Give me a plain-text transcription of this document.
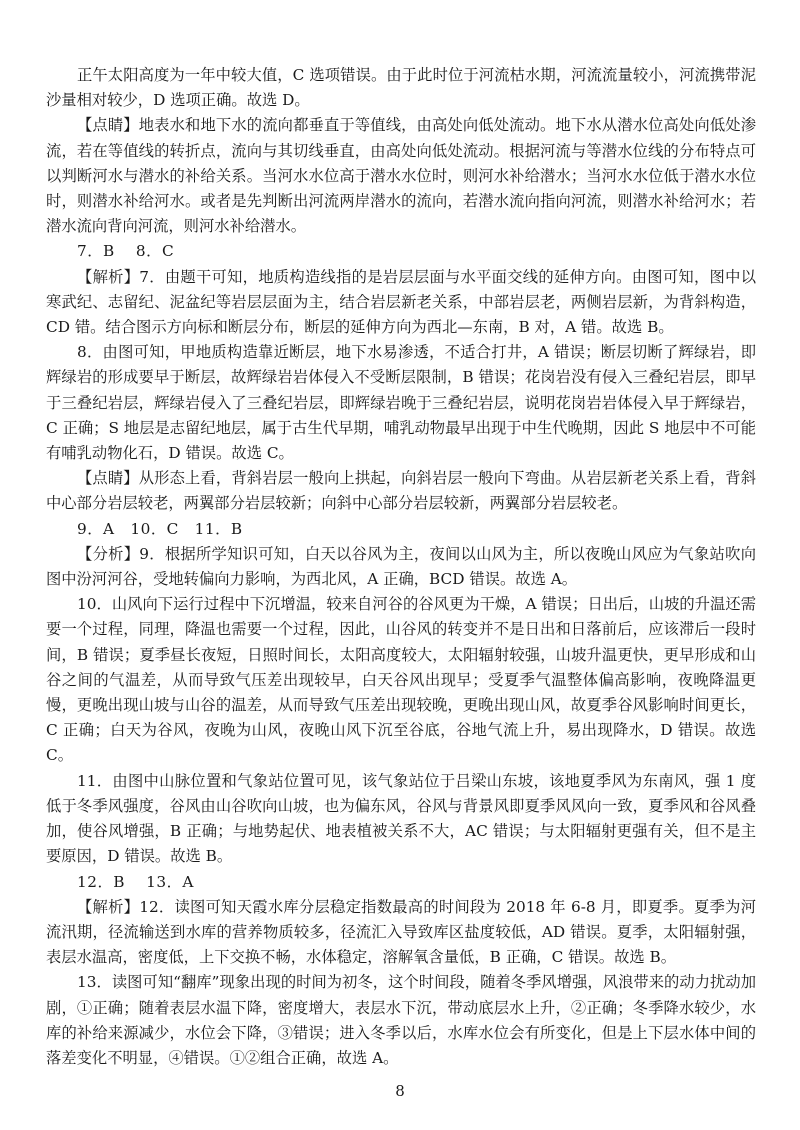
正午太阳高度为一年中较大值，C 选项错误。由于此时位于河流枯水期，河流流量较小，河流携带泥沙量相对较少，D 选项正确。故选 D。

【点睛】地表水和地下水的流向都垂直于等值线，由高处向低处流动。地下水从潜水位高处向低处渗流，若在等值线的转折点，流向与其切线垂直，由高处向低处流动。根据河流与等潜水位线的分布特点可以判断河水与潜水的补给关系。当河水水位高于潜水水位时，则河水补给潜水；当河水水位低于潜水水位时，则潜水补给河水。或者是先判断出河流两岸潜水的流向，若潜水流向指向河流，则潜水补给河水；若潜水流向背向河流，则河水补给潜水。

7．B　 8．C

【解析】7．由题干可知，地质构造线指的是岩层层面与水平面交线的延伸方向。由图可知，图中以寒武纪、志留纪、泥盆纪等岩层层面为主，结合岩层新老关系，中部岩层老，两侧岩层新，为背斜构造，CD 错。结合图示方向标和断层分布，断层的延伸方向为西北—东南，B 对，A 错。故选 B。

8．由图可知，甲地质构造靠近断层，地下水易渗透，不适合打井，A 错误；断层切断了辉绿岩，即辉绿岩的形成要早于断层，故辉绿岩岩体侵入不受断层限制，B 错误；花岗岩没有侵入三叠纪岩层，即早于三叠纪岩层，辉绿岩侵入了三叠纪岩层，即辉绿岩晚于三叠纪岩层，说明花岗岩岩体侵入早于辉绿岩，C 正确；S 地层是志留纪地层，属于古生代早期，哺乳动物最早出现于中生代晚期，因此 S 地层中不可能有哺乳动物化石，D 错误。故选 C。

【点睛】从形态上看，背斜岩层一般向上拱起，向斜岩层一般向下弯曲。从岩层新老关系上看，背斜中心部分岩层较老，两翼部分岩层较新；向斜中心部分岩层较新，两翼部分岩层较老。

9．A　10．C　11．B

【分析】9．根据所学知识可知，白天以谷风为主，夜间以山风为主，所以夜晚山风应为气象站吹向图中汾河河谷，受地转偏向力影响，为西北风，A 正确，BCD 错误。故选 A。

10．山风向下运行过程中下沉增温，较来自河谷的谷风更为干燥，A 错误；日出后，山坡的升温还需要一个过程，同理，降温也需要一个过程，因此，山谷风的转变并不是日出和日落前后，应该滞后一段时间，B 错误；夏季昼长夜短，日照时间长，太阳高度较大，太阳辐射较强，山坡升温更快，更早形成和山谷之间的气温差，从而导致气压差出现较早，白天谷风出现早；受夏季气温整体偏高影响，夜晚降温更慢，更晚出现山坡与山谷的温差，从而导致气压差出现较晚，更晚出现山风，故夏季谷风影响时间更长，C 正确；白天为谷风，夜晚为山风，夜晚山风下沉至谷底，谷地气流上升，易出现降水，D 错误。故选 C。

11．由图中山脉位置和气象站位置可见，该气象站位于吕梁山东坡，该地夏季风为东南风，强 1 度低于冬季风强度，谷风由山谷吹向山坡，也为偏东风，谷风与背景风即夏季风风向一致，夏季风和谷风叠加，使谷风增强，B 正确；与地势起伏、地表植被关系不大，AC 错误；与太阳辐射更强有关，但不是主要原因，D 错误。故选 B。

12．B　 13．A

【解析】12．读图可知天霞水库分层稳定指数最高的时间段为 2018 年 6-8 月，即夏季。夏季为河流汛期，径流输送到水库的营养物质较多，径流汇入导致库区盐度较低，AD 错误。夏季，太阳辐射强，表层水温高，密度低，上下交换不畅，水体稳定，溶解氧含量低，B 正确，C 错误。故选 B。

13．读图可知“翻库”现象出现的时间为初冬，这个时间段，随着冬季风增强，风浪带来的动力扰动加剧，①正确；随着表层水温下降，密度增大，表层水下沉，带动底层水上升，②正确；冬季降水较少，水库的补给来源减少，水位会下降，③错误；进入冬季以后，水库水位会有所变化，但是上下层水体中间的落差变化不明显，④错误。①②组合正确，故选 A。

8
